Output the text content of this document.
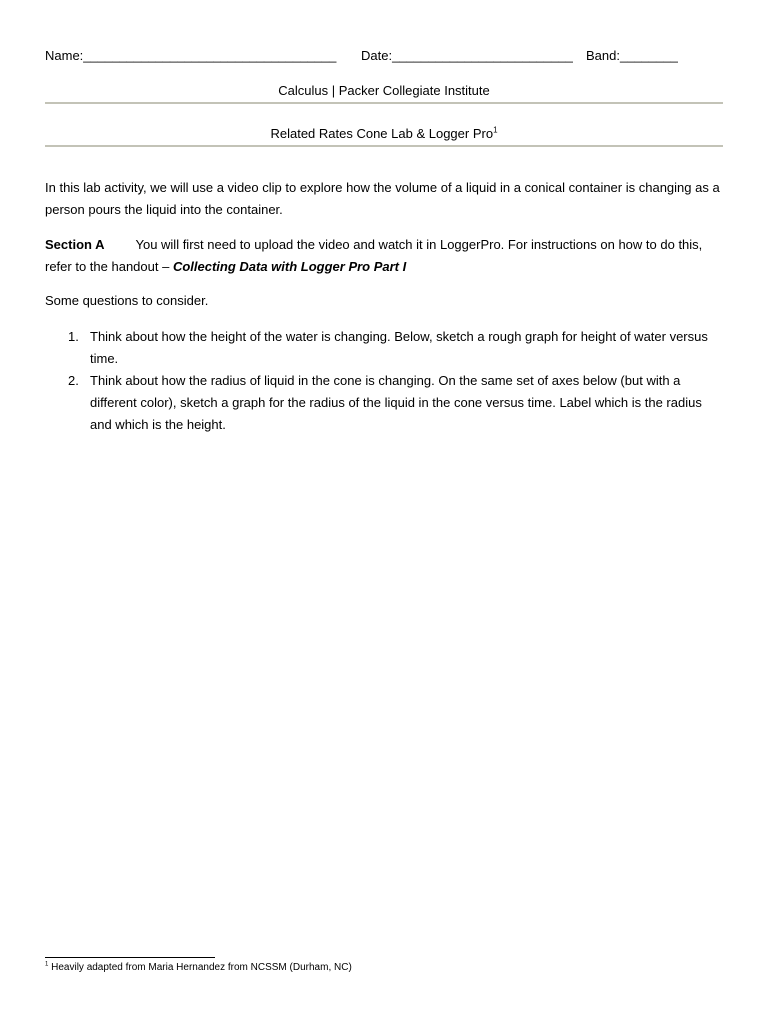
Name:___________________________________ Date:_________________________ Band:________
Calculus | Packer Collegiate Institute
Related Rates Cone Lab & Logger Pro$^1$
In this lab activity, we will use a video clip to explore how the volume of a liquid in a conical container is changing as a person pours the liquid into the container.
Section A You will first need to upload the video and watch it in LoggerPro. For instructions on how to do this, refer to the handout – Collecting Data with Logger Pro Part I
Some questions to consider.
1. Think about how the height of the water is changing. Below, sketch a rough graph for height of water versus time.
2. Think about how the radius of liquid in the cone is changing. On the same set of axes below (but with a different color), sketch a graph for the radius of the liquid in the cone versus time. Label which is the radius and which is the height.
$^1$ Heavily adapted from Maria Hernandez from NCSSM (Durham, NC)
